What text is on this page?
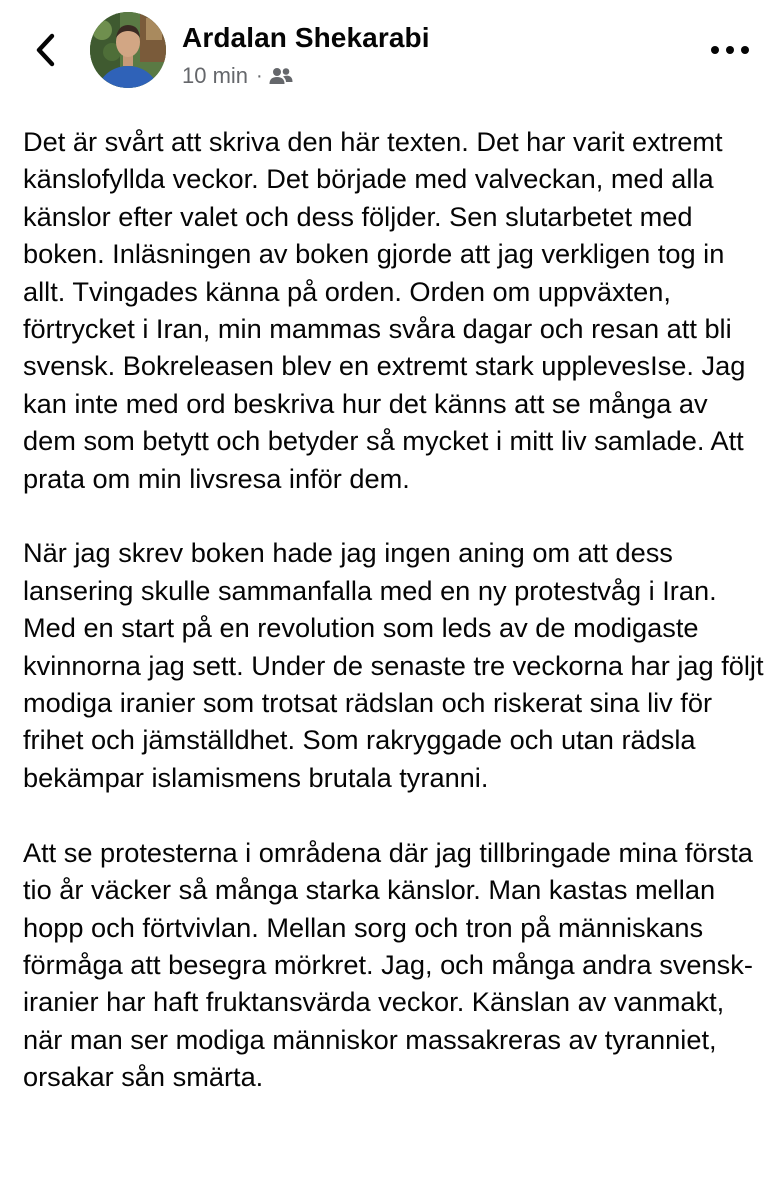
Ardalan Shekarabi
10 min ·

Det är svårt att skriva den här texten. Det har varit extremt känslofyllda veckor. Det började med valveckan, med alla känslor efter valet och dess följder. Sen slutarbetet med boken. Inläsningen av boken gjorde att jag verkligen tog in allt. Tvingades känna på orden. Orden om uppväxten, förtrycket i Iran, min mammas svåra dagar och resan att bli svensk. Bokreleasen blev en extremt stark upplevesIse. Jag kan inte med ord beskriva hur det känns att se många av dem som betytt och betyder så mycket i mitt liv samlade. Att prata om min livsresa inför dem.

När jag skrev boken hade jag ingen aning om att dess lansering skulle sammanfalla med en ny protestvåg i Iran. Med en start på en revolution som leds av de modigaste kvinnorna jag sett. Under de senaste tre veckorna har jag följt modiga iranier som trotsat rädslan och riskerat sina liv för frihet och jämställdhet. Som rakryggade och utan rädsla bekämpar islamismens brutala tyranni.

Att se protesterna i områdena där jag tillbringade mina första tio år väcker så många starka känslor. Man kastas mellan hopp och förtvivlan. Mellan sorg och tron på människans förmåga att besegra mörkret. Jag, och många andra svensk-iranier har haft fruktansvärda veckor. Känslan av vanmakt, när man ser modiga människor massakreras av tyranniet, orsakar sån smärta.
